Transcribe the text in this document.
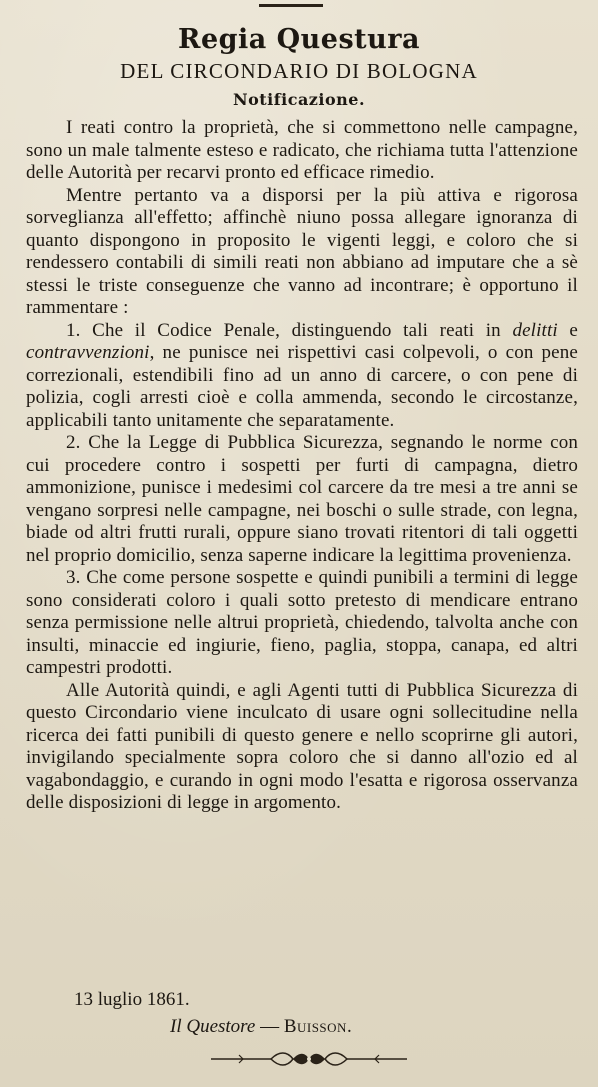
Regia Questura
DEL CIRCONDARIO DI BOLOGNA
Notificazione.

I reati contro la proprietà, che si commettono nelle campagne, sono un male talmente esteso e radicato, che richiama tutta l'attenzione delle Autorità per recarvi pronto ed efficace rimedio.

Mentre pertanto va a disporsi per la più attiva e rigorosa sorveglianza all'effetto; affinchè niuno possa allegare ignoranza di quanto dispongono in proposito le vigenti leggi, e coloro che si rendessero contabili di simili reati non abbiano ad imputare che a sè stessi le triste conseguenze che vanno ad incontrare; è opportuno il rammentare :

1. Che il Codice Penale, distinguendo tali reati in delitti e contravvenzioni, ne punisce nei rispettivi casi colpevoli, o con pene correzionali, estendibili fino ad un anno di carcere, o con pene di polizia, cogli arresti cioè e colla ammenda, secondo le circostanze, applicabili tanto unitamente che separatamente.

2. Che la Legge di Pubblica Sicurezza, segnando le norme con cui procedere contro i sospetti per furti di campagna, dietro ammonizione, punisce i medesimi col carcere da tre mesi a tre anni se vengano sorpresi nelle campagne, nei boschi o sulle strade, con legna, biade od altri frutti rurali, oppure siano trovati ritentori di tali oggetti nel proprio domicilio, senza saperne indicare la legittima provenienza.

3. Che come persone sospette e quindi punibili a termini di legge sono considerati coloro i quali sotto pretesto di mendicare entrano senza permissione nelle altrui proprietà, chiedendo, talvolta anche con insulti, minaccie ed ingiurie, fieno, paglia, stoppa, canapa, ed altri campestri prodotti.

Alle Autorità quindi, e agli Agenti tutti di Pubblica Sicurezza di questo Circondario viene inculcato di usare ogni sollecitudine nella ricerca dei fatti punibili di questo genere e nello scoprirne gli autori, invigilando specialmente sopra coloro che si danno all'ozio ed al vagabondaggio, e curando in ogni modo l'esatta e rigorosa osservanza delle disposizioni di legge in argomento.

13 luglio 1861.
Il Questore — Buisson.
